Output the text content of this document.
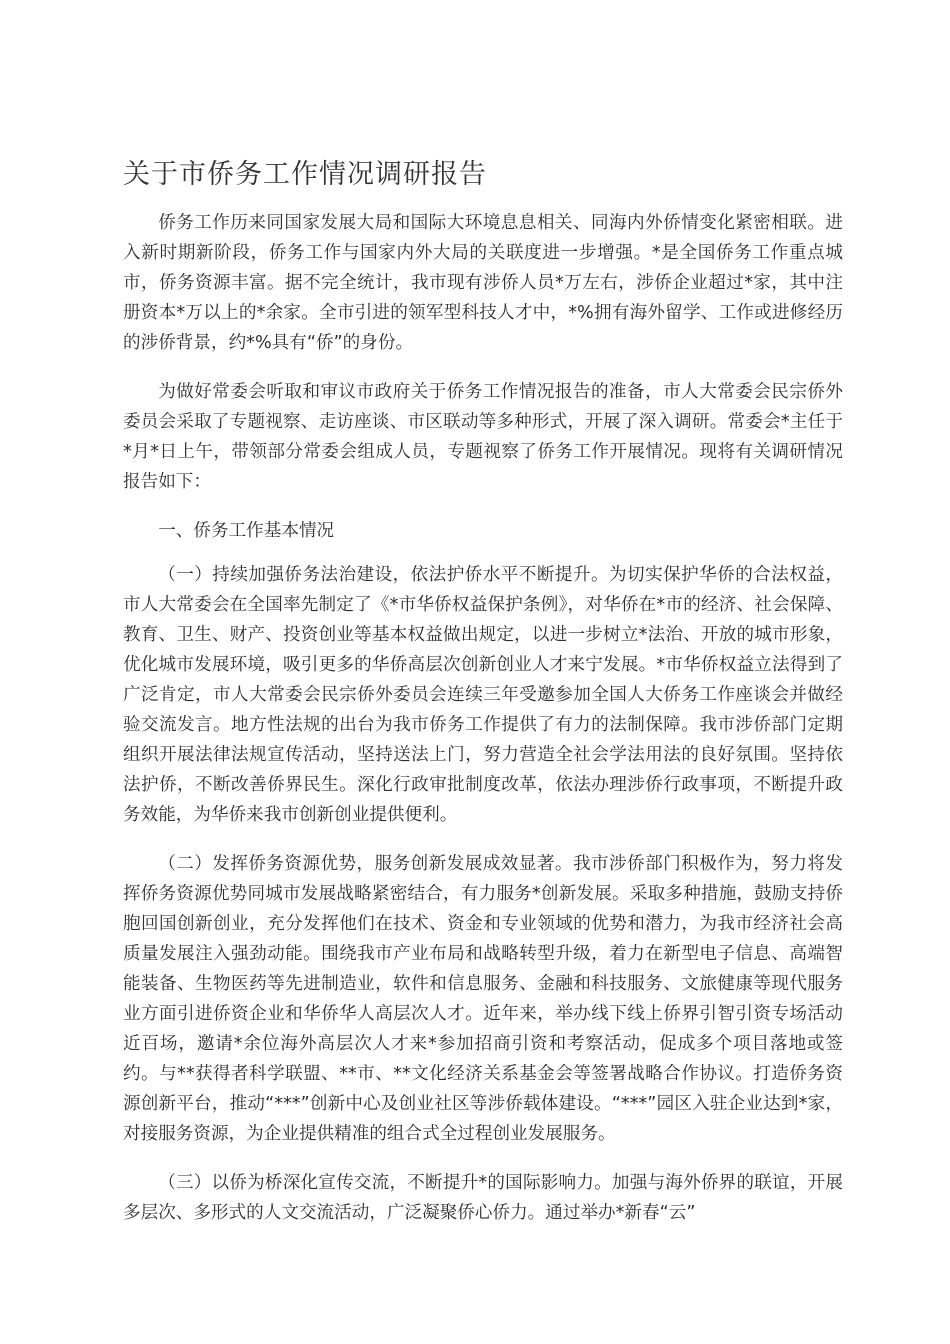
关于市侨务工作情况调研报告

侨务工作历来同国家发展大局和国际大环境息息相关、同海内外侨情变化紧密相联。进入新时期新阶段，侨务工作与国家内外大局的关联度进一步增强。*是全国侨务工作重点城市，侨务资源丰富。据不完全统计，我市现有涉侨人员*万左右，涉侨企业超过*家，其中注册资本*万以上的*余家。全市引进的领军型科技人才中，*%拥有海外留学、工作或进修经历的涉侨背景，约*%具有“侨”的身份。

为做好常委会听取和审议市政府关于侨务工作情况报告的准备，市人大常委会民宗侨外委员会采取了专题视察、走访座谈、市区联动等多种形式，开展了深入调研。常委会*主任于*月*日上午，带领部分常委会组成人员，专题视察了侨务工作开展情况。现将有关调研情况报告如下：

一、侨务工作基本情况

（一）持续加强侨务法治建设，依法护侨水平不断提升。为切实保护华侨的合法权益，市人大常委会在全国率先制定了《*市华侨权益保护条例》，对华侨在*市的经济、社会保障、教育、卫生、财产、投资创业等基本权益做出规定，以进一步树立*法治、开放的城市形象，优化城市发展环境，吸引更多的华侨高层次创新创业人才来宁发展。*市华侨权益立法得到了广泛肯定，市人大常委会民宗侨外委员会连续三年受邀参加全国人大侨务工作座谈会并做经验交流发言。地方性法规的出台为我市侨务工作提供了有力的法制保障。我市涉侨部门定期组织开展法律法规宣传活动，坚持送法上门，努力营造全社会学法用法的良好氛围。坚持依法护侨，不断改善侨界民生。深化行政审批制度改革，依法办理涉侨行政事项，不断提升政务效能，为华侨来我市创新创业提供便利。

（二）发挥侨务资源优势，服务创新发展成效显著。我市涉侨部门积极作为，努力将发挥侨务资源优势同城市发展战略紧密结合，有力服务*创新发展。采取多种措施，鼓励支持侨胞回国创新创业，充分发挥他们在技术、资金和专业领域的优势和潜力，为我市经济社会高质量发展注入强劲动能。围绕我市产业布局和战略转型升级，着力在新型电子信息、高端智能装备、生物医药等先进制造业，软件和信息服务、金融和科技服务、文旅健康等现代服务业方面引进侨资企业和华侨华人高层次人才。近年来，举办线下线上侨界引智引资专场活动近百场，邀请*余位海外高层次人才来*参加招商引资和考察活动，促成多个项目落地或签约。与**获得者科学联盟、**市、**文化经济关系基金会等签署战略合作协议。打造侨务资源创新平台，推动“***”创新中心及创业社区等涉侨载体建设。“***”园区入驻企业达到*家，对接服务资源，为企业提供精准的组合式全过程创业发展服务。

（三）以侨为桥深化宣传交流，不断提升*的国际影响力。加强与海外侨界的联谊，开展多层次、多形式的人文交流活动，广泛凝聚侨心侨力。通过举办*新春“云”
